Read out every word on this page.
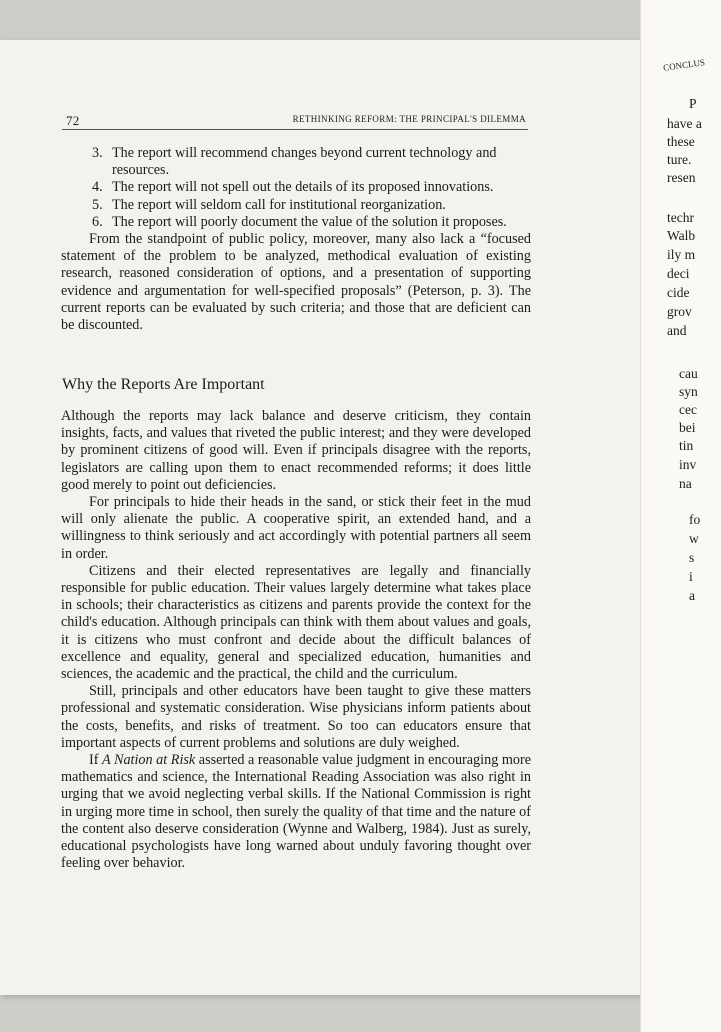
CONCLUS
P
have a
these
ture.
resen
techr
Walb
ily m
deci
cide
grov
and
cau
syn
cec
bei
tin
inv
na
fo
w
s
i
a
72	RETHINKING REFORM: THE PRINCIPAL'S DILEMMA
3. The report will recommend changes beyond current technology and resources.
4. The report will not spell out the details of its proposed innovations.
5. The report will seldom call for institutional reorganization.
6. The report will poorly document the value of the solution it proposes.

From the standpoint of public policy, moreover, many also lack a “focused statement of the problem to be analyzed, methodical evaluation of existing research, reasoned consideration of options, and a presentation of supporting evidence and argumentation for well-specified proposals” (Peterson, p. 3). The current reports can be evaluated by such criteria; and those that are deficient can be discounted.

Why the Reports Are Important

Although the reports may lack balance and deserve criticism, they contain insights, facts, and values that riveted the public interest; and they were developed by prominent citizens of good will. Even if principals disagree with the reports, legislators are calling upon them to enact recommended reforms; it does little good merely to point out deficiencies.

For principals to hide their heads in the sand, or stick their feet in the mud will only alienate the public. A cooperative spirit, an extended hand, and a willingness to think seriously and act accordingly with potential partners all seem in order.

Citizens and their elected representatives are legally and financially responsible for public education. Their values largely determine what takes place in schools; their characteristics as citizens and parents provide the context for the child's education. Although principals can think with them about values and goals, it is citizens who must confront and decide about the difficult balances of excellence and equality, general and specialized education, humanities and sciences, the academic and the practical, the child and the curriculum.

Still, principals and other educators have been taught to give these matters professional and systematic consideration. Wise physicians inform patients about the costs, benefits, and risks of treatment. So too can educators ensure that important aspects of current problems and solutions are duly weighed.

If A Nation at Risk asserted a reasonable value judgment in encouraging more mathematics and science, the International Reading Association was also right in urging that we avoid neglecting verbal skills. If the National Commission is right in urging more time in school, then surely the quality of that time and the nature of the content also deserve consideration (Wynne and Walberg, 1984). Just as surely, educational psychologists have long warned about unduly favoring thought over feeling over behavior.
